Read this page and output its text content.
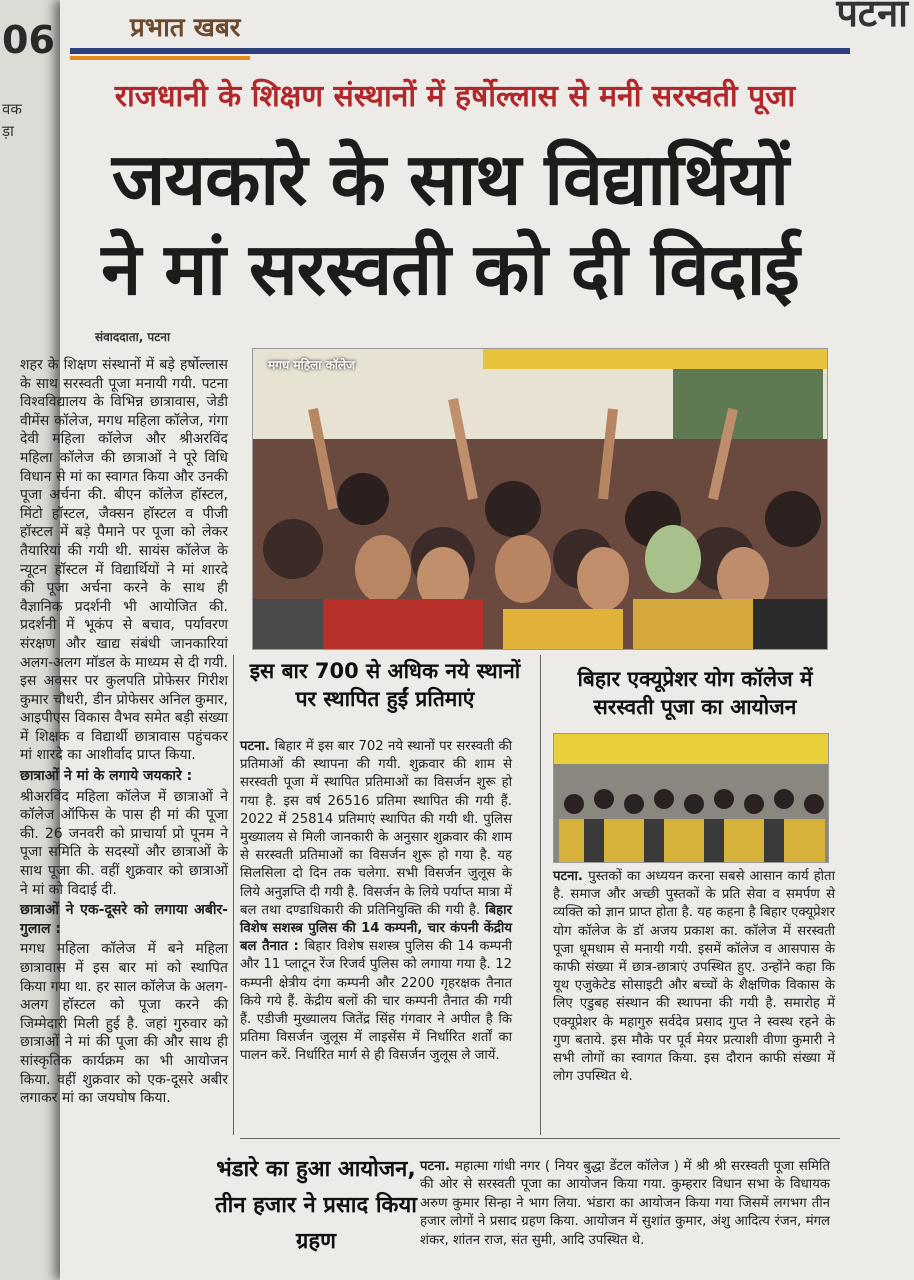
06
वक
ड़ा
प्रभात खबर	पटना
राजधानी के शिक्षण संस्थानों में हर्षोल्लास से मनी सरस्वती पूजा
जयकारे के साथ विद्यार्थियों
ने मां सरस्वती को दी विदाई
संवाददाता, पटना

शहर के शिक्षण संस्थानों में बड़े हर्षोल्लास के साथ सरस्वती पूजा मनायी गयी. पटना विश्वविद्यालय के विभिन्न छात्रावास, जेडी वीमेंस कॉलेज, मगध महिला कॉलेज, गंगा देवी महिला कॉलेज और श्रीअरविंद महिला कॉलेज की छात्राओं ने पूरे विधि विधान से मां का स्वागत किया और उनकी पूजा अर्चना की. बीएन कॉलेज हॉस्टल, मिंटो हॉस्टल, जैक्सन हॉस्टल व पीजी हॉस्टल में बड़े पैमाने पर पूजा को लेकर तैयारियां की गयी थी. सायंस कॉलेज के न्यूटन हॉस्टल में विद्यार्थियों ने मां शारदे की पूजा अर्चना करने के साथ ही वैज्ञानिक प्रदर्शनी भी आयोजित की. प्रदर्शनी में भूकंप से बचाव, पर्यावरण संरक्षण और खाद्य संबंधी जानकारियां अलग-अलग मॉडल के माध्यम से दी गयी. इस अवसर पर कुलपति प्रोफेसर गिरीश कुमार चौधरी, डीन प्रोफेसर अनिल कुमार, आइपीएस विकास वैभव समेत बड़ी संख्या में शिक्षक व विद्यार्थी छात्रावास पहुंचकर मां शारदे का आशीर्वाद प्राप्त किया.

छात्राओं ने मां के लगाये जयकारे :

श्रीअरविंद महिला कॉलेज में छात्राओं ने कॉलेज ऑफिस के पास ही मां की पूजा की. 26 जनवरी को प्राचार्या प्रो पूनम ने पूजा समिति के सदस्यों और छात्राओं के साथ पूजा की. वहीं शुक्रवार को छात्राओं ने मां को विदाई दी.

छात्राओं ने एक-दूसरे को लगाया अबीर-गुलाल :

मगध महिला कॉलेज में बने महिला छात्रावास में इस बार मां को स्थापित किया गया था. हर साल कॉलेज के अलग-अलग हॉस्टल को पूजा करने की जिम्मेदारी मिली हुई है. जहां गुरुवार को छात्राओं ने मां की पूजा की और साथ ही सांस्कृतिक कार्यक्रम का भी आयोजन किया. वहीं शुक्रवार को एक-दूसरे अबीर लगाकर मां का जयघोष किया.

मगध महिला कॉलेज
इस बार 700 से अधिक नये स्थानों पर स्थापित हुईं प्रतिमाएं
पटना. बिहार में इस बार 702 नये स्थानों पर सरस्वती की प्रतिमाओं की स्थापना की गयी. शुक्रवार की शाम से सरस्वती पूजा में स्थापित प्रतिमाओं का विसर्जन शुरू हो गया है. इस वर्ष 26516 प्रतिमा स्थापित की गयी हैं. 2022 में 25814 प्रतिमाएं स्थापित की गयी थी. पुलिस मुख्यालय से मिली जानकारी के अनुसार शुक्रवार की शाम से सरस्वती प्रतिमाओं का विसर्जन शुरू हो गया है. यह सिलसिला दो दिन तक चलेगा. सभी विसर्जन जुलूस के लिये अनुज्ञप्ति दी गयी है. विसर्जन के लिये पर्याप्त मात्रा में बल तथा दण्डाधिकारी की प्रतिनियुक्ति की गयी है. बिहार विशेष सशस्त्र पुलिस की 14 कम्पनी, चार कंपनी केंद्रीय बल तैनात : बिहार विशेष सशस्त्र पुलिस की 14 कम्पनी और 11 प्लाटून रेंज रिजर्व पुलिस को लगाया गया है. 12 कम्पनी क्षेत्रीय दंगा कम्पनी और 2200 गृहरक्षक तैनात किये गये हैं. केंद्रीय बलों की चार कम्पनी तैनात की गयी हैं. एडीजी मुख्यालय जितेंद्र सिंह गंगवार ने अपील है कि प्रतिमा विसर्जन जुलूस में लाइसेंस में निर्धारित शर्तों का पालन करें. निर्धारित मार्ग से ही विसर्जन जुलूस ले जायें.
बिहार एक्यूप्रेशर योग कॉलेज में सरस्वती पूजा का आयोजन
पटना. पुस्तकों का अध्ययन करना सबसे आसान कार्य होता है. समाज और अच्छी पुस्तकों के प्रति सेवा व समर्पण से व्यक्ति को ज्ञान प्राप्त होता है. यह कहना है बिहार एक्यूप्रेशर योग कॉलेज के डॉ अजय प्रकाश का. कॉलेज में सरस्वती पूजा धूमधाम से मनायी गयी. इसमें कॉलेज व आसपास के काफी संख्या में छात्र-छात्राएं उपस्थित हुए. उन्होंने कहा कि यूथ एजुकेटेड सोसाइटी और बच्चों के शैक्षणिक विकास के लिए एडुबह संस्थान की स्थापना की गयी है. समारोह में एक्यूप्रेशर के महागुरु सर्वदेव प्रसाद गुप्त ने स्वस्थ रहने के गुण बताये. इस मौके पर पूर्व मेयर प्रत्याशी वीणा कुमारी ने सभी लोगों का स्वागत किया. इस दौरान काफी संख्या में लोग उपस्थित थे.
भंडारे का हुआ आयोजन, तीन हजार ने प्रसाद किया ग्रहण
पटना. महात्मा गांधी नगर ( नियर बुद्धा डेंटल कॉलेज ) में श्री श्री सरस्वती पूजा समिति की ओर से सरस्वती पूजा का आयोजन किया गया. कुम्हरार विधान सभा के विधायक अरुण कुमार सिन्हा ने भाग लिया. भंडारा का आयोजन किया गया जिसमें लगभग तीन हजार लोगों ने प्रसाद ग्रहण किया. आयोजन में सुशांत कुमार, अंशु आदित्य रंजन, मंगल शंकर, शांतन राज, संत सुमी, आदि उपस्थित थे.
